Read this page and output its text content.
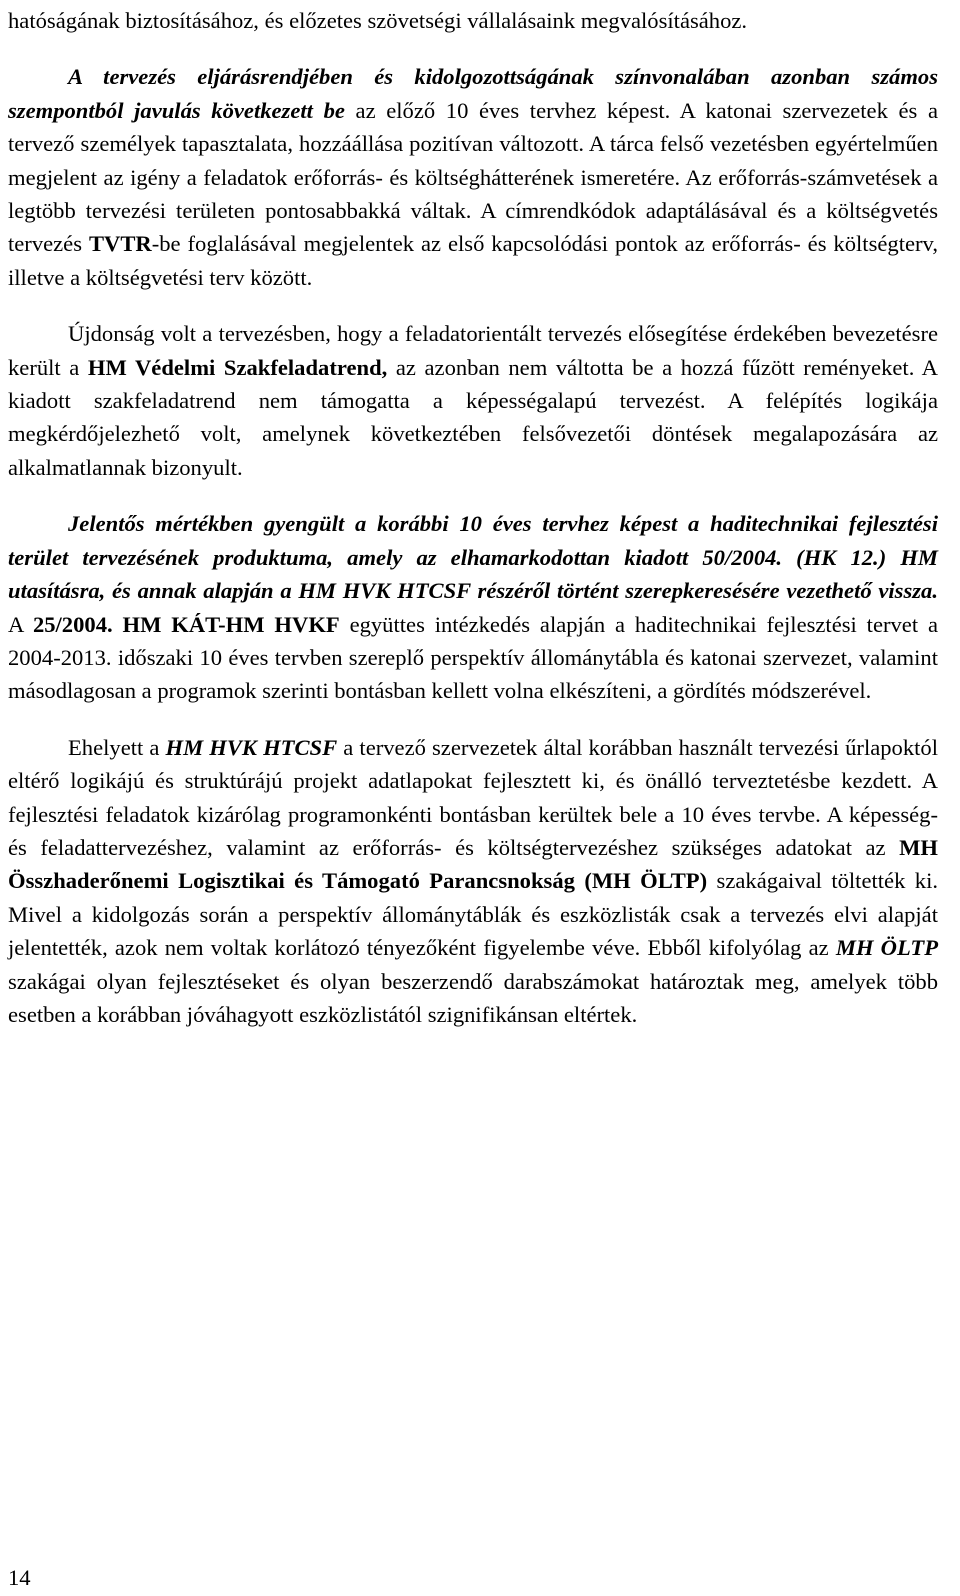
hatóságának biztosításához, és előzetes szövetségi vállalásaink megvalósításához.

A tervezés eljárásrendjében és kidolgozottságának színvonalában azonban számos szempontból javulás következett be az előző 10 éves tervhez képest. A katonai szervezetek és a tervező személyek tapasztalata, hozzáállása pozitívan változott. A tárca felső vezetésben egyértelműen megjelent az igény a feladatok erőforrás- és költséghátterének ismeretére. Az erőforrás-számvetések a legtöbb tervezési területen pontosabbakká váltak. A címrendkódok adaptálásával és a költségvetés tervezés TVTR-be foglalásával megjelentek az első kapcsolódási pontok az erőforrás- és költségterv, illetve a költségvetési terv között.

Újdonság volt a tervezésben, hogy a feladatorientált tervezés elősegítése érdekében bevezetésre került a HM Védelmi Szakfeladatrend, az azonban nem váltotta be a hozzá fűzött reményeket. A kiadott szakfeladatrend nem támogatta a képességalapú tervezést. A felépítés logikája megkérdőjelezhető volt, amelynek következtében felsővezetői döntések megalapozására az alkalmatlannak bizonyult.

Jelentős mértékben gyengült a korábbi 10 éves tervhez képest a haditechnikai fejlesztési terület tervezésének produktuma, amely az elhamarkodottan kiadott 50/2004. (HK 12.) HM utasításra, és annak alapján a HM HVK HTCSF részéről történt szerepkeresésére vezethető vissza. A 25/2004. HM KÁT-HM HVKF együttes intézkedés alapján a haditechnikai fejlesztési tervet a 2004-2013. időszaki 10 éves tervben szereplő perspektív állománytábla és katonai szervezet, valamint másodlagosan a programok szerinti bontásban kellett volna elkészíteni, a gördítés módszerével.

Ehelyett a HM HVK HTCSF a tervező szervezetek által korábban használt tervezési űrlapoktól eltérő logikájú és struktúrájú projekt adatlapokat fejlesztett ki, és önálló terveztetésbe kezdett. A fejlesztési feladatok kizárólag programonkénti bontásban kerültek bele a 10 éves tervbe. A képesség- és feladattervezéshez, valamint az erőforrás- és költségtervezéshez szükséges adatokat az MH Összhaderőnemi Logisztikai és Támogató Parancsnokság (MH ÖLTP) szakágaival töltették ki. Mivel a kidolgozás során a perspektív állománytáblák és eszközlisták csak a tervezés elvi alapját jelentették, azok nem voltak korlátozó tényezőként figyelembe véve. Ebből kifolyólag az MH ÖLTP szakágai olyan fejlesztéseket és olyan beszerzendő darabszámokat határoztak meg, amelyek több esetben a korábban jóváhagyott eszközlistától szignifikánsan eltértek.

14
